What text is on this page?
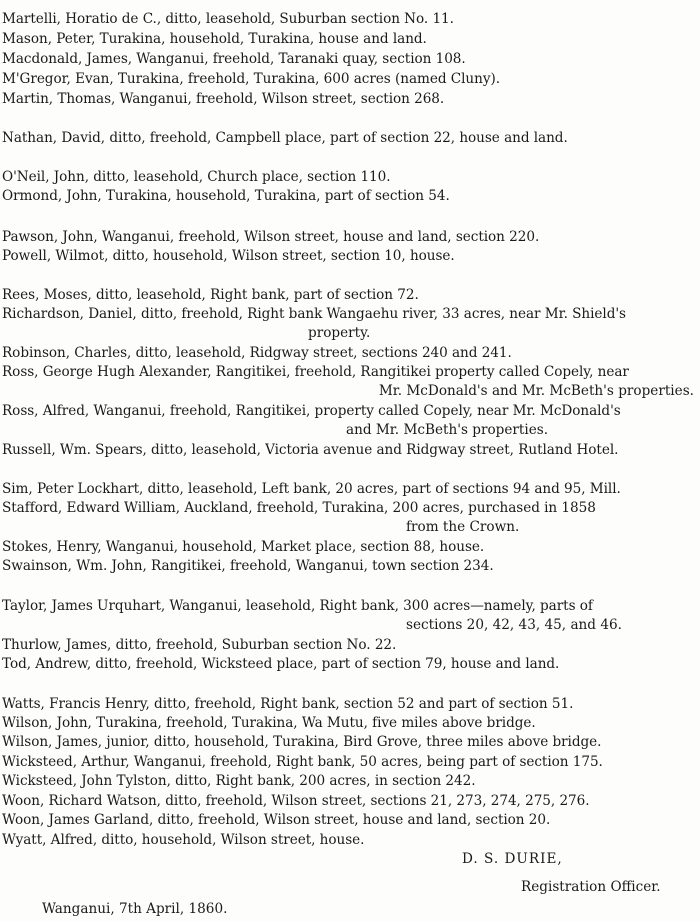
Martelli, Horatio de C., ditto, leasehold, Suburban section No. 11.
Mason, Peter, Turakina, household, Turakina, house and land.
Macdonald, James, Wanganui, freehold, Taranaki quay, section 108.
M'Gregor, Evan, Turakina, freehold, Turakina, 600 acres (named Cluny).
Martin, Thomas, Wanganui, freehold, Wilson street, section 268.
Nathan, David, ditto, freehold, Campbell place, part of section 22, house and land.
O'Neil, John, ditto, leasehold, Church place, section 110.
Ormond, John, Turakina, household, Turakina, part of section 54.
Pawson, John, Wanganui, freehold, Wilson street, house and land, section 220.
Powell, Wilmot, ditto, household, Wilson street, section 10, house.
Rees, Moses, ditto, leasehold, Right bank, part of section 72.
Richardson, Daniel, ditto, freehold, Right bank Wangaehu river, 33 acres, near Mr. Shield's
property.
Robinson, Charles, ditto, leasehold, Ridgway street, sections 240 and 241.
Ross, George Hugh Alexander, Rangitikei, freehold, Rangitikei property called Copely, near
Mr. McDonald's and Mr. McBeth's properties.
Ross, Alfred, Wanganui, freehold, Rangitikei, property called Copely, near Mr. McDonald's
and Mr. McBeth's properties.
Russell, Wm. Spears, ditto, leasehold, Victoria avenue and Ridgway street, Rutland Hotel.
Sim, Peter Lockhart, ditto, leasehold, Left bank, 20 acres, part of sections 94 and 95, Mill.
Stafford, Edward William, Auckland, freehold, Turakina, 200 acres, purchased in 1858
from the Crown.
Stokes, Henry, Wanganui, household, Market place, section 88, house.
Swainson, Wm. John, Rangitikei, freehold, Wanganui, town section 234.
Taylor, James Urquhart, Wanganui, leasehold, Right bank, 300 acres—namely, parts of
sections 20, 42, 43, 45, and 46.
Thurlow, James, ditto, freehold, Suburban section No. 22.
Tod, Andrew, ditto, freehold, Wicksteed place, part of section 79, house and land.
Watts, Francis Henry, ditto, freehold, Right bank, section 52 and part of section 51.
Wilson, John, Turakina, freehold, Turakina, Wa Mutu, five miles above bridge.
Wilson, James, junior, ditto, household, Turakina, Bird Grove, three miles above bridge.
Wicksteed, Arthur, Wanganui, freehold, Right bank, 50 acres, being part of section 175.
Wicksteed, John Tylston, ditto, Right bank, 200 acres, in section 242.
Woon, Richard Watson, ditto, freehold, Wilson street, sections 21, 273, 274, 275, 276.
Woon, James Garland, ditto, freehold, Wilson street, house and land, section 20.
Wyatt, Alfred, ditto, household, Wilson street, house.
D. S. DURIE,
Registration Officer.
Wanganui, 7th April, 1860.
